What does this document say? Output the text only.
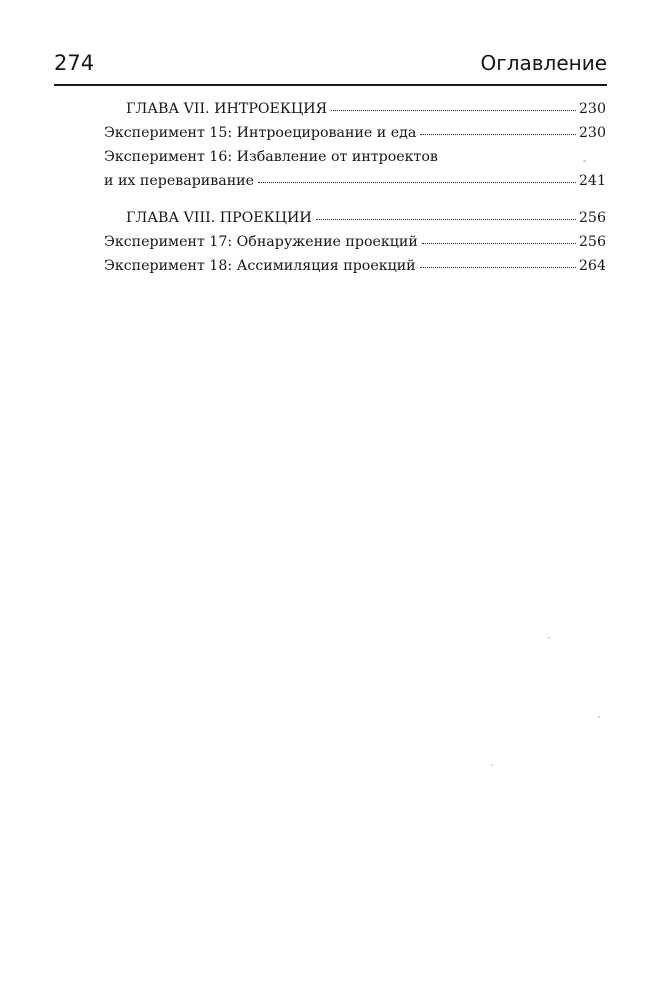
274	Оглавление
ГЛАВА VII. ИНТРОЕКЦИЯ	230
Эксперимент 15: Интроецирование и еда	230
Эксперимент 16: Избавление от интроектов
и их переваривание	241
ГЛАВА VIII. ПРОЕКЦИИ	256
Эксперимент 17: Обнаружение проекций	256
Эксперимент 18: Ассимиляция проекций	264
